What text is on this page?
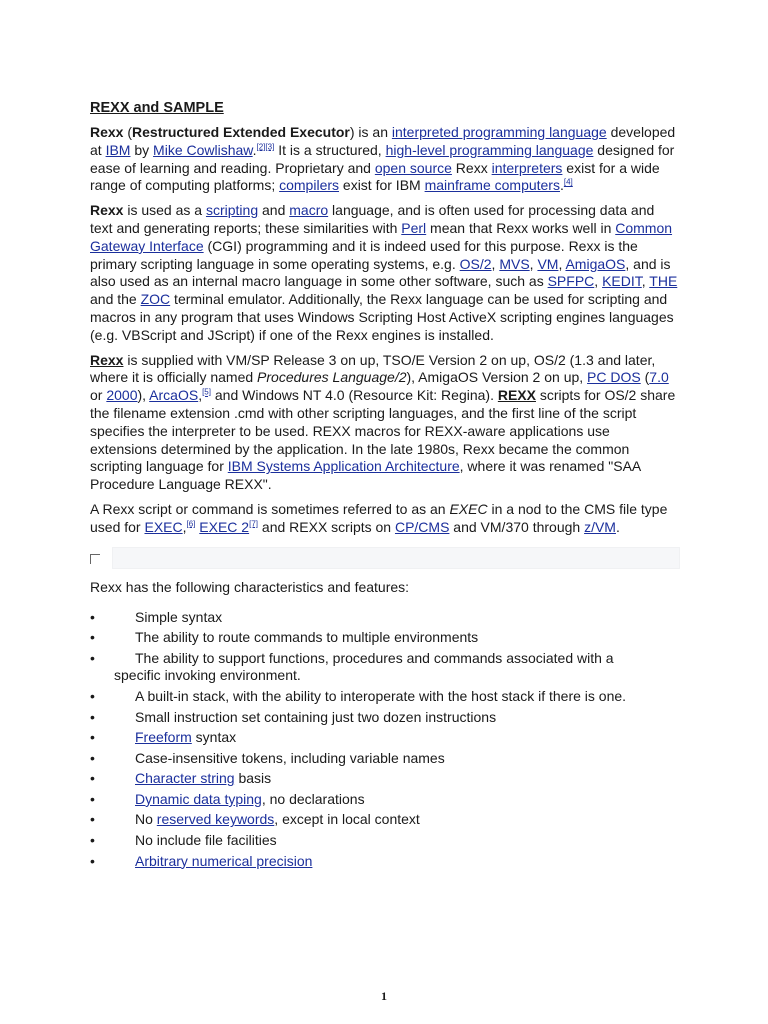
REXX and SAMPLE

Rexx (Restructured Extended Executor) is an interpreted programming language developed at IBM by Mike Cowlishaw.[2][3] It is a structured, high-level programming language designed for ease of learning and reading. Proprietary and open source Rexx interpreters exist for a wide range of computing platforms; compilers exist for IBM mainframe computers.[4]

Rexx is used as a scripting and macro language, and is often used for processing data and text and generating reports; these similarities with Perl mean that Rexx works well in Common Gateway Interface (CGI) programming and it is indeed used for this purpose. Rexx is the primary scripting language in some operating systems, e.g. OS/2, MVS, VM, AmigaOS, and is also used as an internal macro language in some other software, such as SPFPC, KEDIT, THE and the ZOC terminal emulator. Additionally, the Rexx language can be used for scripting and macros in any program that uses Windows Scripting Host ActiveX scripting engines languages (e.g. VBScript and JScript) if one of the Rexx engines is installed.

Rexx is supplied with VM/SP Release 3 on up, TSO/E Version 2 on up, OS/2 (1.3 and later, where it is officially named Procedures Language/2), AmigaOS Version 2 on up, PC DOS (7.0 or 2000), ArcaOS,[5] and Windows NT 4.0 (Resource Kit: Regina). REXX scripts for OS/2 share the filename extension .cmd with other scripting languages, and the first line of the script specifies the interpreter to be used. REXX macros for REXX-aware applications use extensions determined by the application. In the late 1980s, Rexx became the common scripting language for IBM Systems Application Architecture, where it was renamed "SAA Procedure Language REXX".

A Rexx script or command is sometimes referred to as an EXEC in a nod to the CMS file type used for EXEC,[6] EXEC 2[7] and REXX scripts on CP/CMS and VM/370 through z/VM.

Rexx has the following characteristics and features:
•	Simple syntax
•	The ability to route commands to multiple environments
•	The ability to support functions, procedures and commands associated with a
specific invoking environment.
•	A built-in stack, with the ability to interoperate with the host stack if there is one.
•	Small instruction set containing just two dozen instructions
•	Freeform syntax
•	Case-insensitive tokens, including variable names
•	Character string basis
•	Dynamic data typing, no declarations
•	No reserved keywords, except in local context
•	No include file facilities
•	Arbitrary numerical precision
1
